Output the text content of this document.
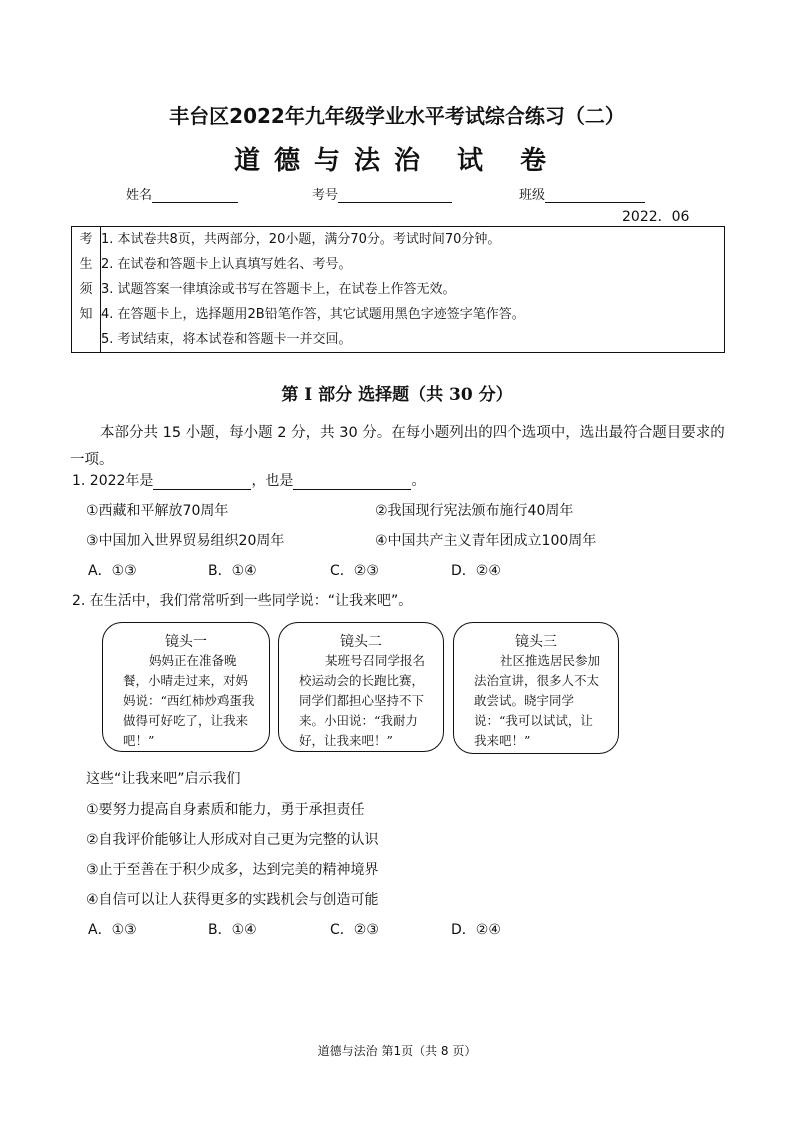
丰台区2022年九年级学业水平考试综合练习（二）
道德与法治 试 卷
姓名	考号	班级
2022．06
考
生
须
知

1. 本试卷共8页，共两部分，20小题，满分70分。考试时间70分钟。
2. 在试卷和答题卡上认真填写姓名、考号。
3. 试题答案一律填涂或书写在答题卡上，在试卷上作答无效。
4. 在答题卡上，选择题用2B铅笔作答，其它试题用黑色字迹签字笔作答。
5. 考试结束，将本试卷和答题卡一并交回。
第 I 部分 选择题（共 30 分）
本部分共 15 小题，每小题 2 分，共 30 分。在每小题列出的四个选项中，选出最符合题目要求的一项。
1. 2022年是	，也是	。
①西藏和平解放70周年	②我国现行宪法颁布施行40周年
③中国加入世界贸易组织20周年	④中国共产主义青年团成立100周年
A．①③	B．①④	C．②③	D．②④
2. 在生活中，我们常常听到一些同学说：“让我来吧”。
镜头一
妈妈正在准备晚餐，小晴走过来，对妈妈说：“西红柿炒鸡蛋我做得可好吃了，让我来吧！”
镜头二
某班号召同学报名校运动会的长跑比赛，同学们都担心坚持不下来。小田说：“我耐力好，让我来吧！”
镜头三
社区推选居民参加法治宣讲，很多人不太敢尝试。晓宇同学说：“我可以试试，让我来吧！”
这些“让我来吧”启示我们
①要努力提高自身素质和能力，勇于承担责任
②自我评价能够让人形成对自己更为完整的认识
③止于至善在于积少成多，达到完美的精神境界
④自信可以让人获得更多的实践机会与创造可能
A．①③	B．①④	C．②③	D．②④
道德与法治 第1页（共 8 页）
